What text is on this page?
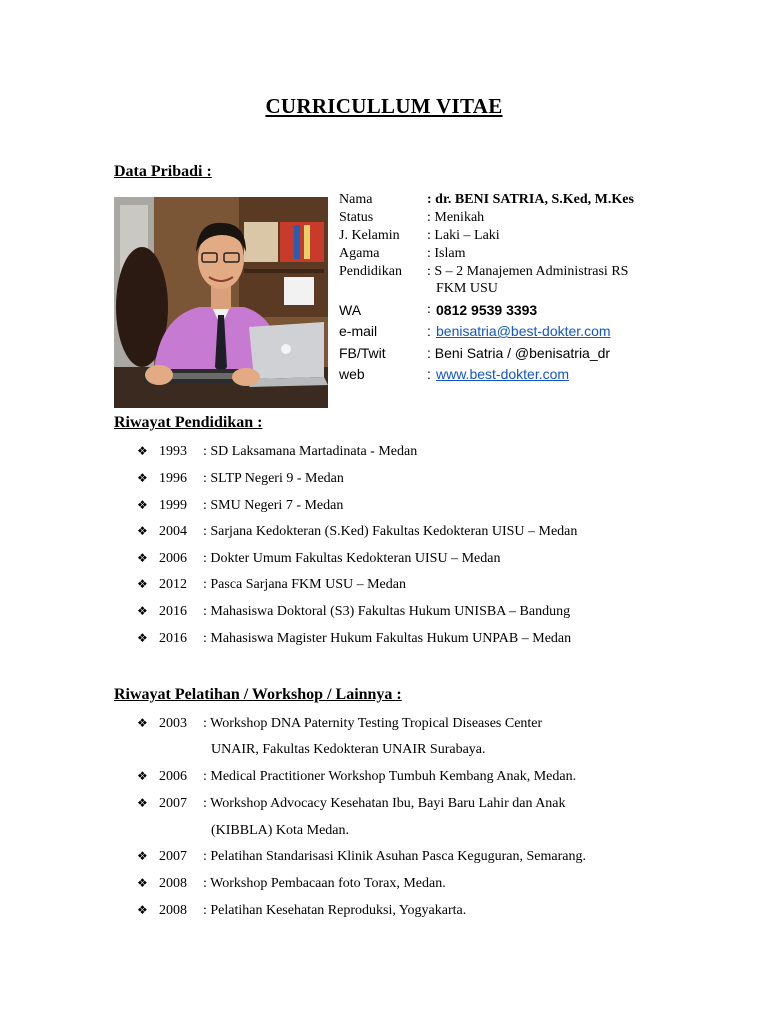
CURRICULLUM VITAE
Data Pribadi :
Nama	: dr. BENI SATRIA, S.Ked, M.Kes
Status	: Menikah
J. Kelamin : Laki – Laki
Agama	: Islam
Pendidikan : S – 2 Manajemen Administrasi RS
FKM USU
WA	: 0812 9539 3393
e-mail	: benisatria@best-dokter.com
FB/Twit	: Beni Satria / @benisatria_dr
web	: www.best-dokter.com
Riwayat Pendidikan :
❖ 1993 : SD Laksamana Martadinata - Medan
❖ 1996 : SLTP Negeri 9 - Medan
❖ 1999 : SMU Negeri 7 - Medan
❖ 2004 : Sarjana Kedokteran (S.Ked) Fakultas Kedokteran UISU – Medan
❖ 2006 : Dokter Umum Fakultas Kedokteran UISU – Medan
❖ 2012 : Pasca Sarjana FKM USU – Medan
❖ 2016 : Mahasiswa Doktoral (S3) Fakultas Hukum UNISBA – Bandung
❖ 2016 : Mahasiswa Magister Hukum Fakultas Hukum UNPAB – Medan
Riwayat Pelatihan / Workshop / Lainnya :
❖ 2003 : Workshop DNA Paternity Testing Tropical Diseases Center
UNAIR, Fakultas Kedokteran UNAIR Surabaya.
❖ 2006 : Medical Practitioner Workshop Tumbuh Kembang Anak, Medan.
❖ 2007 : Workshop Advocacy Kesehatan Ibu, Bayi Baru Lahir dan Anak
(KIBBLA) Kota Medan.
❖ 2007 : Pelatihan Standarisasi Klinik Asuhan Pasca Keguguran, Semarang.
❖ 2008 : Workshop Pembacaan foto Torax, Medan.
❖ 2008 : Pelatihan Kesehatan Reproduksi, Yogyakarta.
